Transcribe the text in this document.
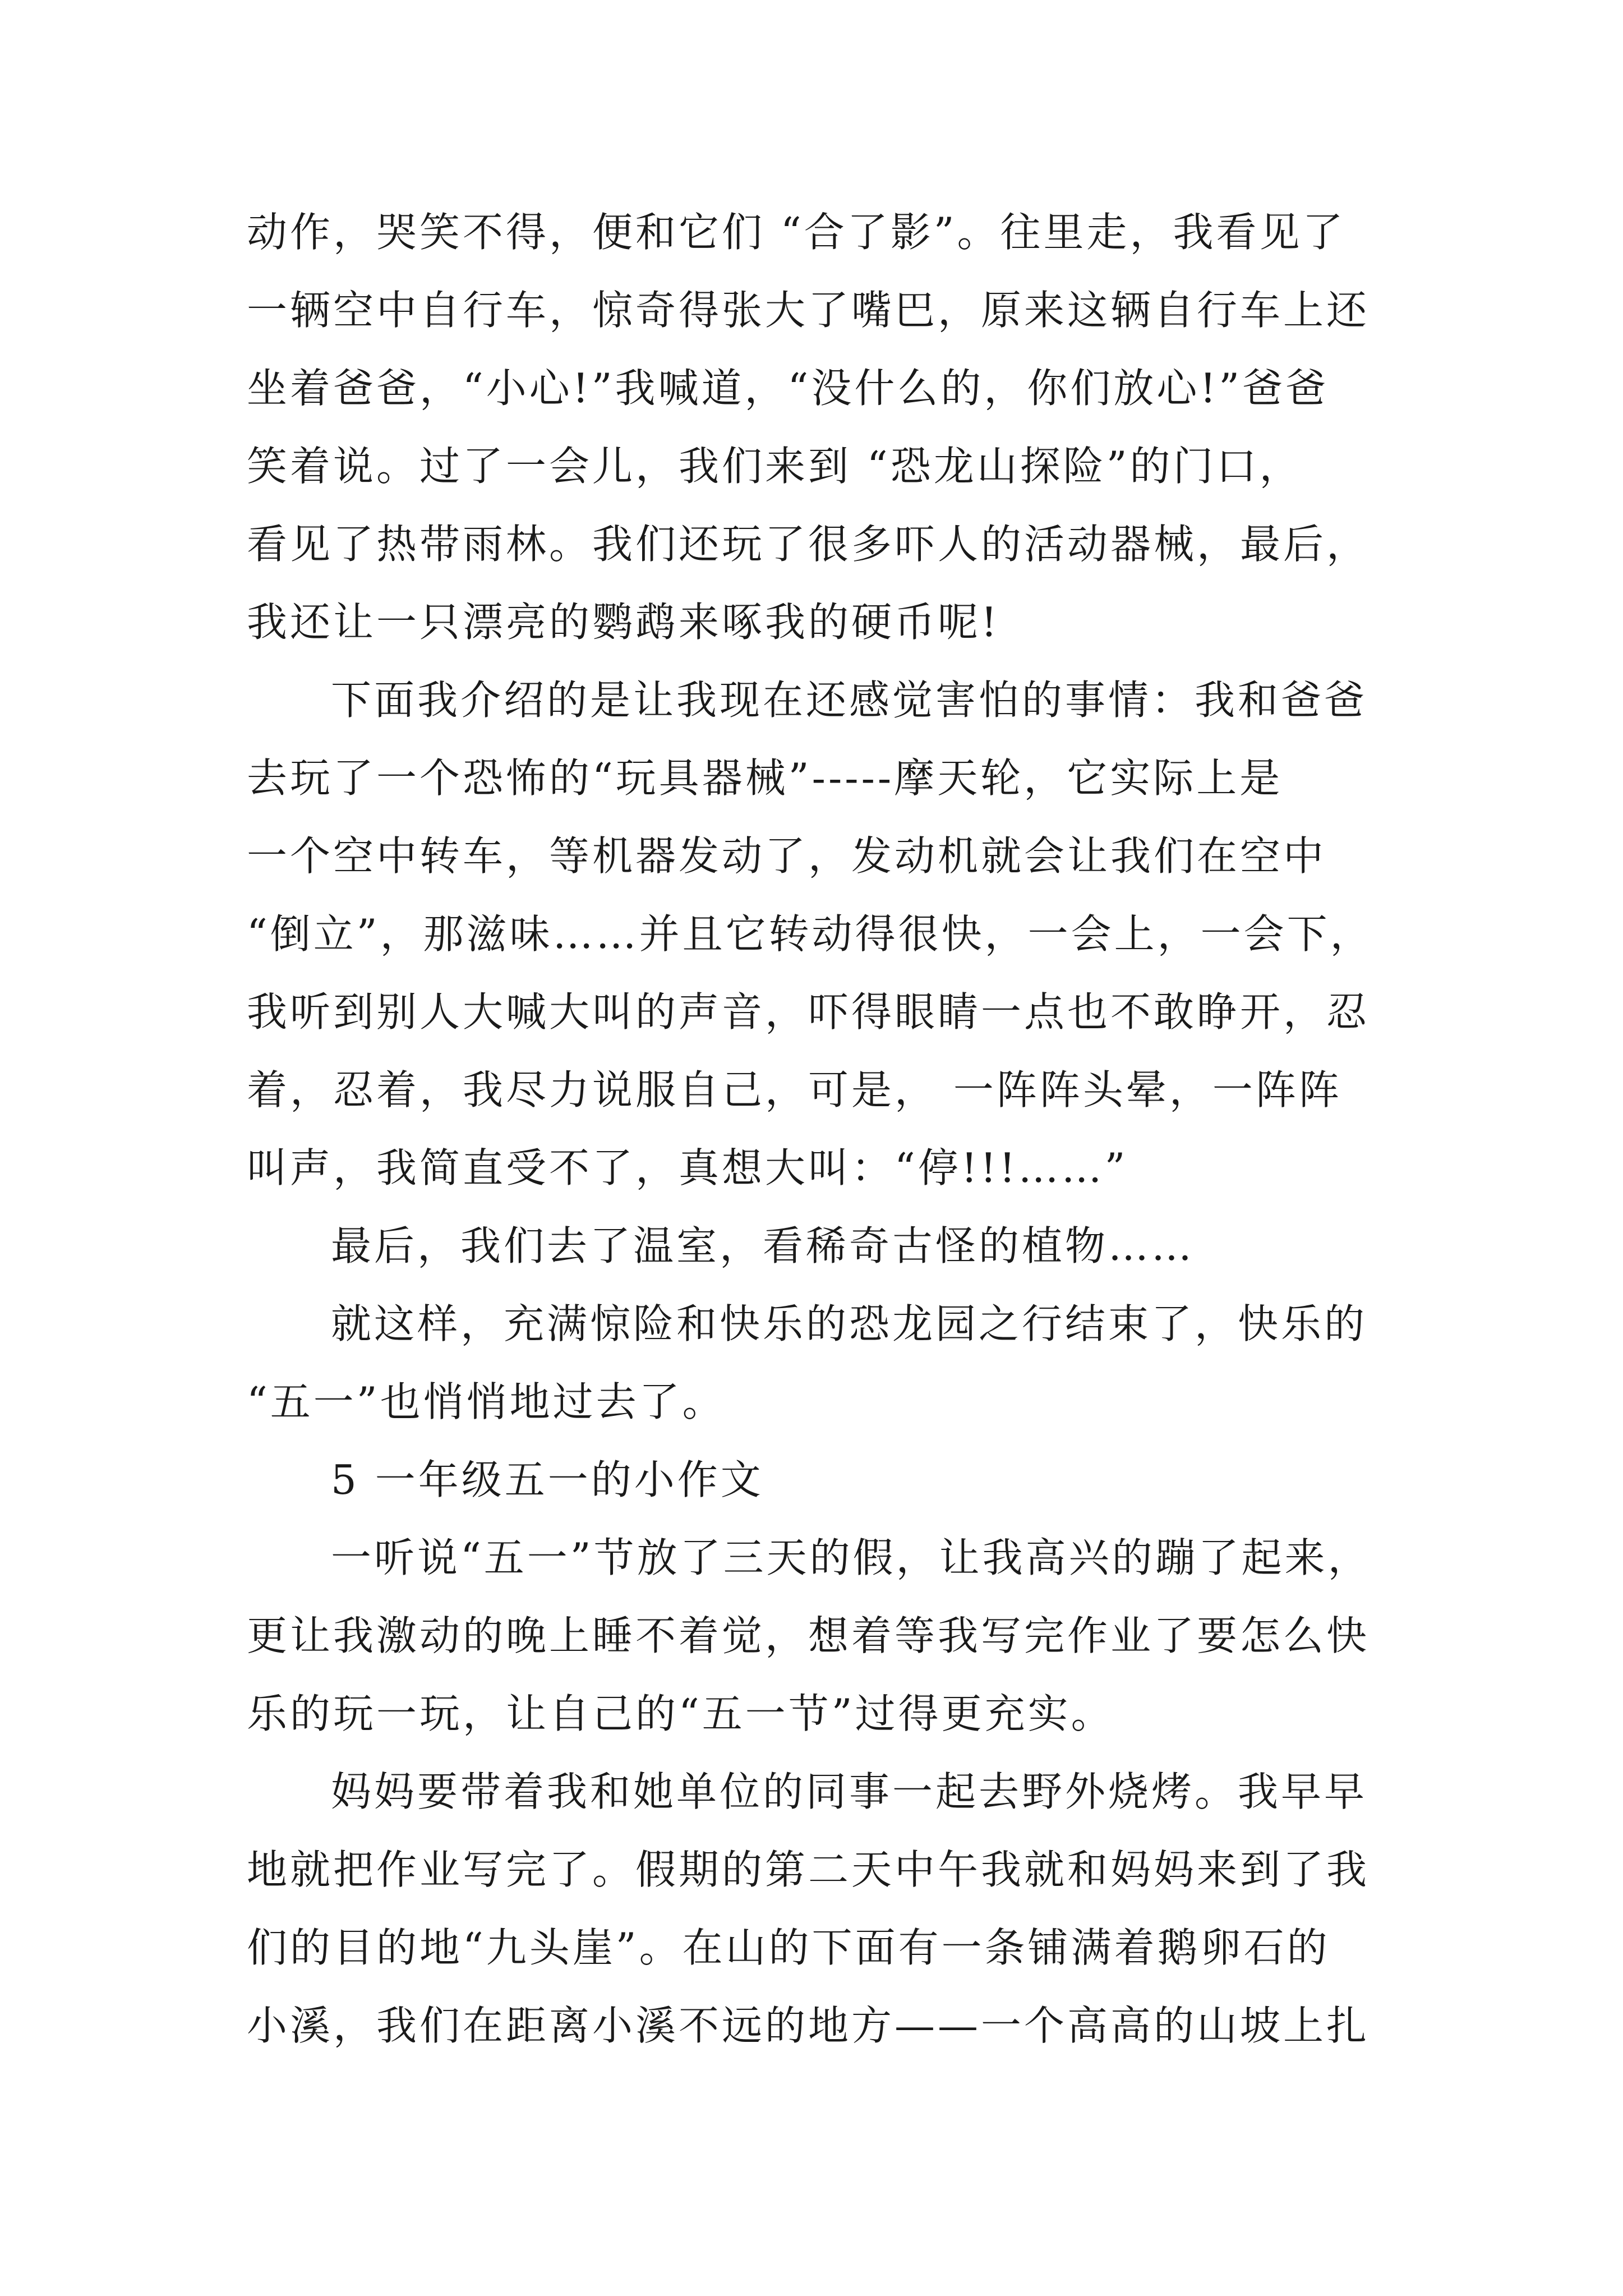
动作，哭笑不得，便和它们 “合了影”。往里走，我看见了
一辆空中自行车，惊奇得张大了嘴巴，原来这辆自行车上还
坐着爸爸，“小心!”我喊道，“没什么的，你们放心!”爸爸
笑着说。过了一会儿，我们来到 “恐龙山探险”的门口，
看见了热带雨林。我们还玩了很多吓人的活动器械，最后，
我还让一只漂亮的鹦鹉来啄我的硬币呢!
下面我介绍的是让我现在还感觉害怕的事情：我和爸爸
去玩了一个恐怖的“玩具器械”-----摩天轮，它实际上是
一个空中转车，等机器发动了，发动机就会让我们在空中
“倒立”，那滋味……并且它转动得很快，一会上，一会下，
我听到别人大喊大叫的声音，吓得眼睛一点也不敢睁开，忍
着，忍着，我尽力说服自己，可是， 一阵阵头晕，一阵阵
叫声，我简直受不了，真想大叫：“停!!!……”
最后，我们去了温室，看稀奇古怪的植物……
就这样，充满惊险和快乐的恐龙园之行结束了，快乐的
“五一”也悄悄地过去了。
5 一年级五一的小作文
一听说“五一”节放了三天的假，让我高兴的蹦了起来，
更让我激动的晚上睡不着觉，想着等我写完作业了要怎么快
乐的玩一玩，让自己的“五一节”过得更充实。
妈妈要带着我和她单位的同事一起去野外烧烤。我早早
地就把作业写完了。假期的第二天中午我就和妈妈来到了我
们的目的地“九头崖”。在山的下面有一条铺满着鹅卵石的
小溪，我们在距离小溪不远的地方——一个高高的山坡上扎
